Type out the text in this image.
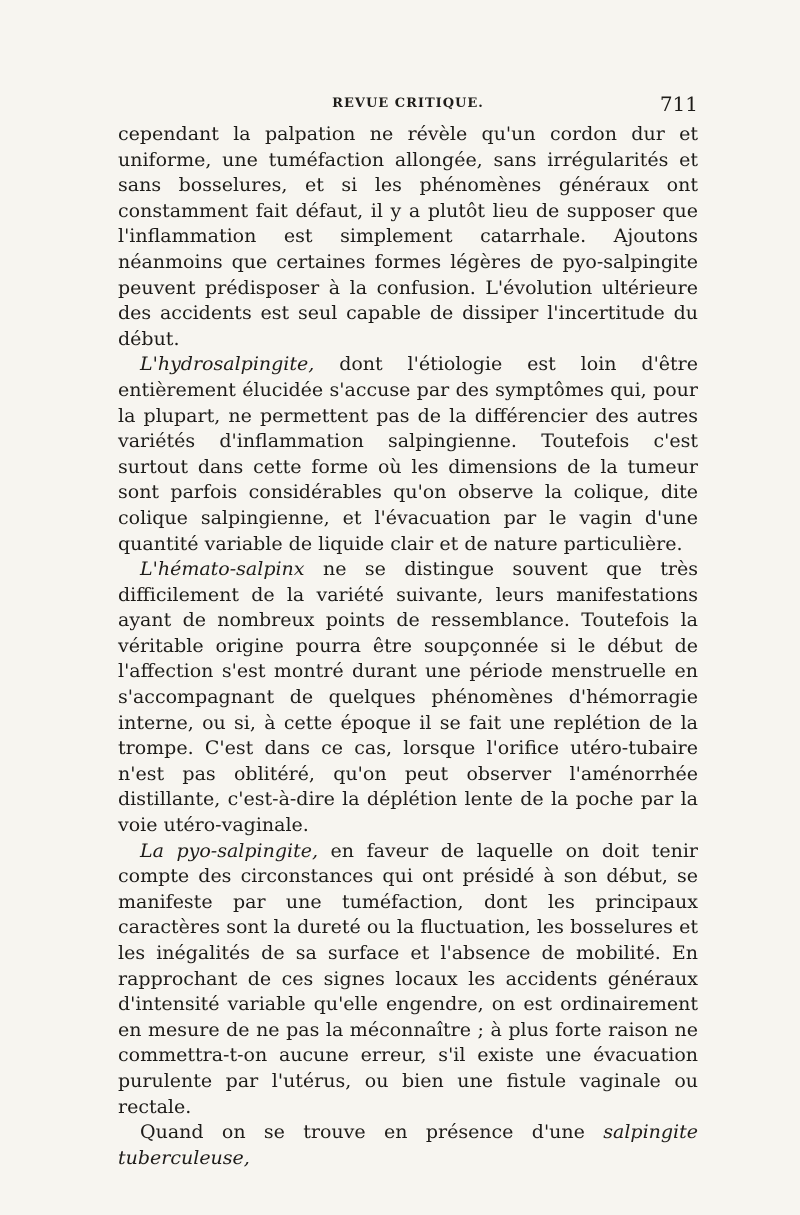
REVUE CRITIQUE.	711

cependant la palpation ne révèle qu'un cordon dur et uniforme, une tuméfaction allongée, sans irrégularités et sans bosselures, et si les phénomènes généraux ont constamment fait défaut, il y a plutôt lieu de supposer que l'inflammation est simplement catarrhale. Ajoutons néanmoins que certaines formes légères de pyo-salpingite peuvent prédisposer à la confusion. L'évolution ultérieure des accidents est seul capable de dissiper l'incertitude du début.

L'hydrosalpingite, dont l'étiologie est loin d'être entièrement élucidée s'accuse par des symptômes qui, pour la plupart, ne permettent pas de la différencier des autres variétés d'inflammation salpingienne. Toutefois c'est surtout dans cette forme où les dimensions de la tumeur sont parfois considérables qu'on observe la colique, dite colique salpingienne, et l'évacuation par le vagin d'une quantité variable de liquide clair et de nature particulière.

L'hémato-salpinx ne se distingue souvent que très difficilement de la variété suivante, leurs manifestations ayant de nombreux points de ressemblance. Toutefois la véritable origine pourra être soupçonnée si le début de l'affection s'est montré durant une période menstruelle en s'accompagnant de quelques phénomènes d'hémorragie interne, ou si, à cette époque il se fait une replétion de la trompe. C'est dans ce cas, lorsque l'orifice utéro-tubaire n'est pas oblitéré, qu'on peut observer l'aménorrhée distillante, c'est-à-dire la déplétion lente de la poche par la voie utéro-vaginale.

La pyo-salpingite, en faveur de laquelle on doit tenir compte des circonstances qui ont présidé à son début, se manifeste par une tuméfaction, dont les principaux caractères sont la dureté ou la fluctuation, les bosselures et les inégalités de sa surface et l'absence de mobilité. En rapprochant de ces signes locaux les accidents généraux d'intensité variable qu'elle engendre, on est ordinairement en mesure de ne pas la méconnaître ; à plus forte raison ne commettra-t-on aucune erreur, s'il existe une évacuation purulente par l'utérus, ou bien une fistule vaginale ou rectale.

Quand on se trouve en présence d'une salpingite tuberculeuse,
